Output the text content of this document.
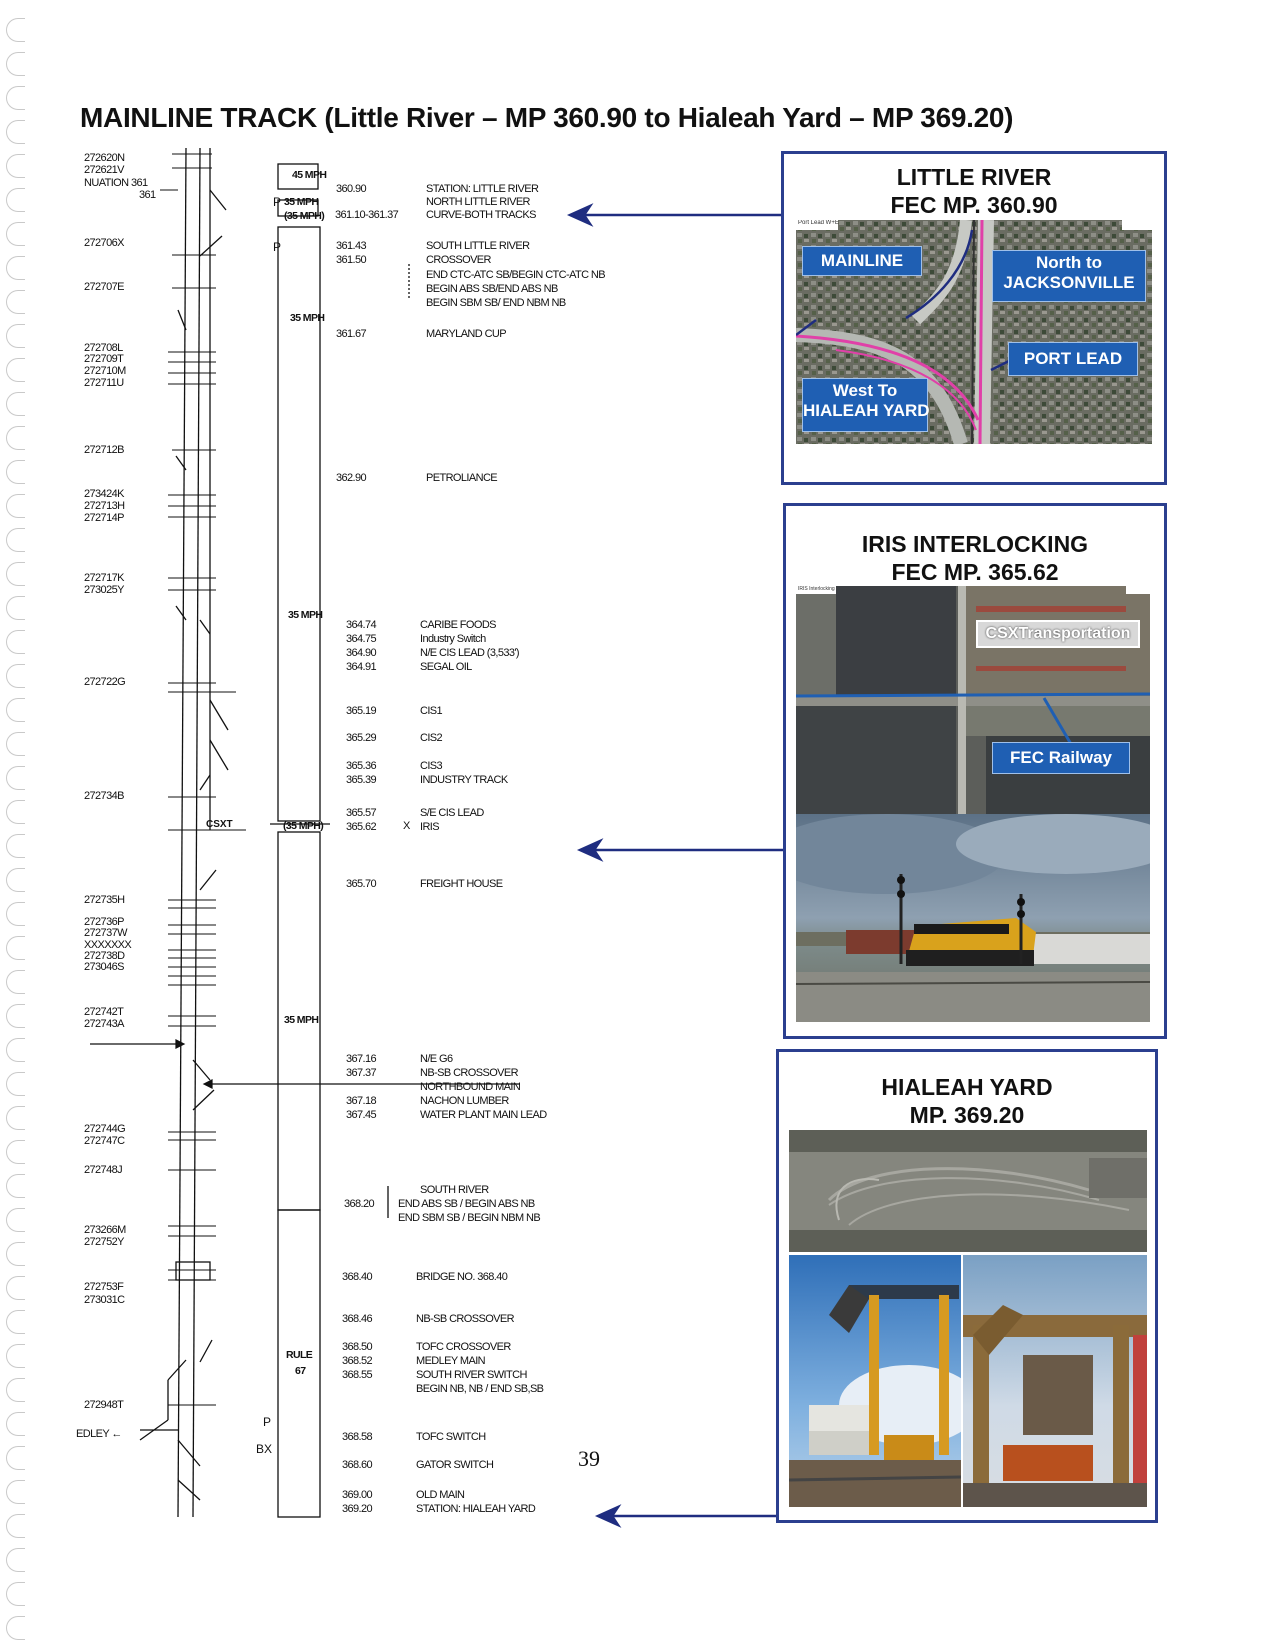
MAINLINE TRACK (Little River – MP 360.90 to Hialeah Yard – MP 369.20)
272620N
272621V
NUATION 361
361
272706X
272707E
272708L
272709T
272710M
272711U
272712B
273424K
272713H
272714P
272717K
273025Y
272722G
272734B
272735H
272736P
272737W
XXXXXXX
272738D
273046S
272742T
272743A
272744G
272747C
272748J
273266M
272752Y
272753F
273031C
272948T
EDLEY ←
45 MPH
35 MPH
(35 MPH)
35 MPH
35 MPH
(35 MPH)
35 MPH
RULE
67
P
P
CSXT	X
P
BX
360.90	STATION: LITTLE RIVER
NORTH LITTLE RIVER
361.10-361.37	CURVE-BOTH TRACKS
361.43	SOUTH LITTLE RIVER
361.50	CROSSOVER
END CTC-ATC SB/BEGIN CTC-ATC NB
BEGIN ABS SB/END ABS NB
BEGIN SBM SB/ END NBM NB
361.67	MARYLAND CUP
362.90	PETROLIANCE
364.74	CARIBE FOODS
364.75	Industry Switch
364.90	N/E CIS LEAD (3,533')
364.91	SEGAL OIL
365.19	CIS1
365.29	CIS2
365.36	CIS3
365.39	INDUSTRY TRACK
365.57	S/E CIS LEAD
365.62	IRIS
365.70	FREIGHT HOUSE
367.16	N/E G6
367.37	NB-SB CROSSOVER
NORTHBOUND MAIN
367.18	NACHON LUMBER
367.45	WATER PLANT MAIN LEAD
SOUTH RIVER
368.20 END ABS SB / BEGIN ABS NB
END SBM SB / BEGIN NBM NB
368.40	BRIDGE NO. 368.40
368.46	NB-SB CROSSOVER
368.50	TOFC CROSSOVER
368.52	MEDLEY MAIN
368.55	SOUTH RIVER SWITCH
BEGIN NB, NB / END SB,SB
368.58	TOFC SWITCH
368.60	GATOR SWITCH
369.00	OLD MAIN
369.20	STATION: HIALEAH YARD
LITTLE RIVER
FEC MP. 360.90
Port Lead W+E
MAINLINE	North to
JACKSONVILLE
PORT LEAD
West To
HIALEAH YARD
IRIS INTERLOCKING
FEC MP. 365.62
IRIS Interlocking
CSXTransportation
FEC Railway
HIALEAH YARD
MP. 369.20
39
